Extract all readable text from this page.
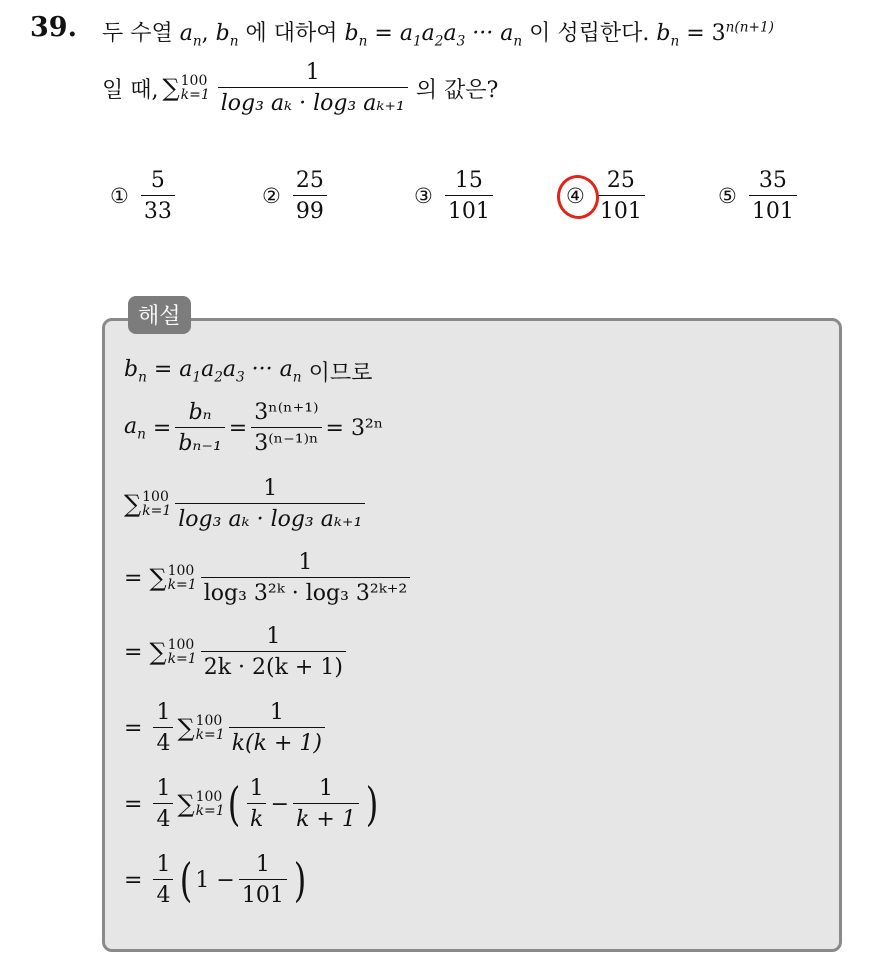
39. 두 수열 $a_n$, $b_n$ 에 대하여 $b_n = a_1a_2a_3$ ··· $a_n$ 이 성립한다. $b_n = 3^{n(n+1)}$
일 때, ∑ 100
$k=1 \frac{1}{\text{log₃ aₖ · log₃ aₖ₊₁}}$ 의 값은?
① $\frac{5}{33}$	② $\frac{25}{99}$	③ $\frac{15}{101}$	④ $\frac{25}{101}$	⑤ $\frac{35}{101}$
해설
$b_n = a_1a_2a_3$ ··· $a_n$
이므로
$a_n$
= $\frac{\text{bₙ}}{\text{bₙ₋₁}} = \frac{\text{3ⁿ⁽ⁿ⁺¹⁾}}{\text{3⁽ⁿ⁻¹⁾ⁿ}}$ =
3²ⁿ
∑ 100
$k=1 \frac{1}{\text{log₃ aₖ · log₃ aₖ₊₁}}$
=
∑ 100
$k=1 \frac{1}{\text{log₃ 3²ᵏ · log₃ 3²ᵏ⁺²}}$
=
∑ 100
$k=1 \frac{1}{2k \cdot 2(k + 1)}$
=
$\frac{1}{4}$ ∑ 100
$k=1 \frac{1}{k(k + 1)}$
=
$\frac{1}{4}$ ∑ 100
k=1 ( $\frac{1}{k} - \frac{1}{k + 1}$ )
=
$\frac{1}{4}$ ( 1
− $\frac{1}{101}$ )
